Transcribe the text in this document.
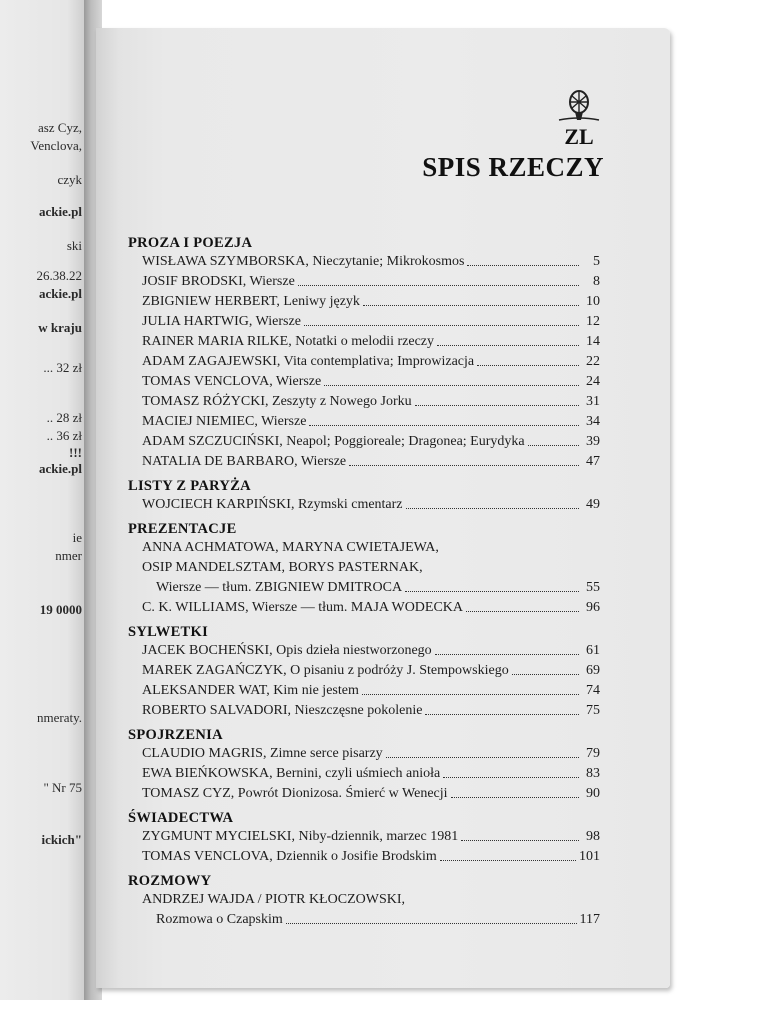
asz Cyz,
Venclova,
czyk
ackie.pl
ski
26.38.22
ackie.pl
w kraju
... 32 zł
.. 28 zł
.. 36 zł
!!!
ackie.pl
ie
nmer
19 0000
nmeraty.
" Nr 75
ickich"
ZL
SPIS RZECZY
PROZA I POEZJA
WISŁAWA SZYMBORSKA, Nieczytanie; Mikrokosmos	5
JOSIF BRODSKI, Wiersze	8
ZBIGNIEW HERBERT, Leniwy język	10
JULIA HARTWIG, Wiersze	12
RAINER MARIA RILKE, Notatki o melodii rzeczy	14
ADAM ZAGAJEWSKI, Vita contemplativa; Improwizacja	22
TOMAS VENCLOVA, Wiersze	24
TOMASZ RÓŻYCKI, Zeszyty z Nowego Jorku	31
MACIEJ NIEMIEC, Wiersze	34
ADAM SZCZUCIŃSKI, Neapol; Poggioreale; Dragonea; Eurydyka	39
NATALIA DE BARBARO, Wiersze	47
LISTY Z PARYŻA
WOJCIECH KARPIŃSKI, Rzymski cmentarz	49
PREZENTACJE
ANNA ACHMATOWA, MARYNA CWIETAJEWA,
OSIP MANDELSZTAM, BORYS PASTERNAK,
Wiersze — tłum. ZBIGNIEW DMITROCA	55
C. K. WILLIAMS, Wiersze — tłum. MAJA WODECKA	96
SYLWETKI
JACEK BOCHEŃSKI, Opis dzieła niestworzonego	61
MAREK ZAGAŃCZYK, O pisaniu z podróży J. Stempowskiego	69
ALEKSANDER WAT, Kim nie jestem	74
ROBERTO SALVADORI, Nieszczęsne pokolenie	75
SPOJRZENIA
CLAUDIO MAGRIS, Zimne serce pisarzy	79
EWA BIEŃKOWSKA, Bernini, czyli uśmiech anioła	83
TOMASZ CYZ, Powrót Dionizosa. Śmierć w Wenecji	90
ŚWIADECTWA
ZYGMUNT MYCIELSKI, Niby-dziennik, marzec 1981	98
TOMAS VENCLOVA, Dziennik o Josifie Brodskim	101
ROZMOWY
ANDRZEJ WAJDA / PIOTR KŁOCZOWSKI,
Rozmowa o Czapskim	117
